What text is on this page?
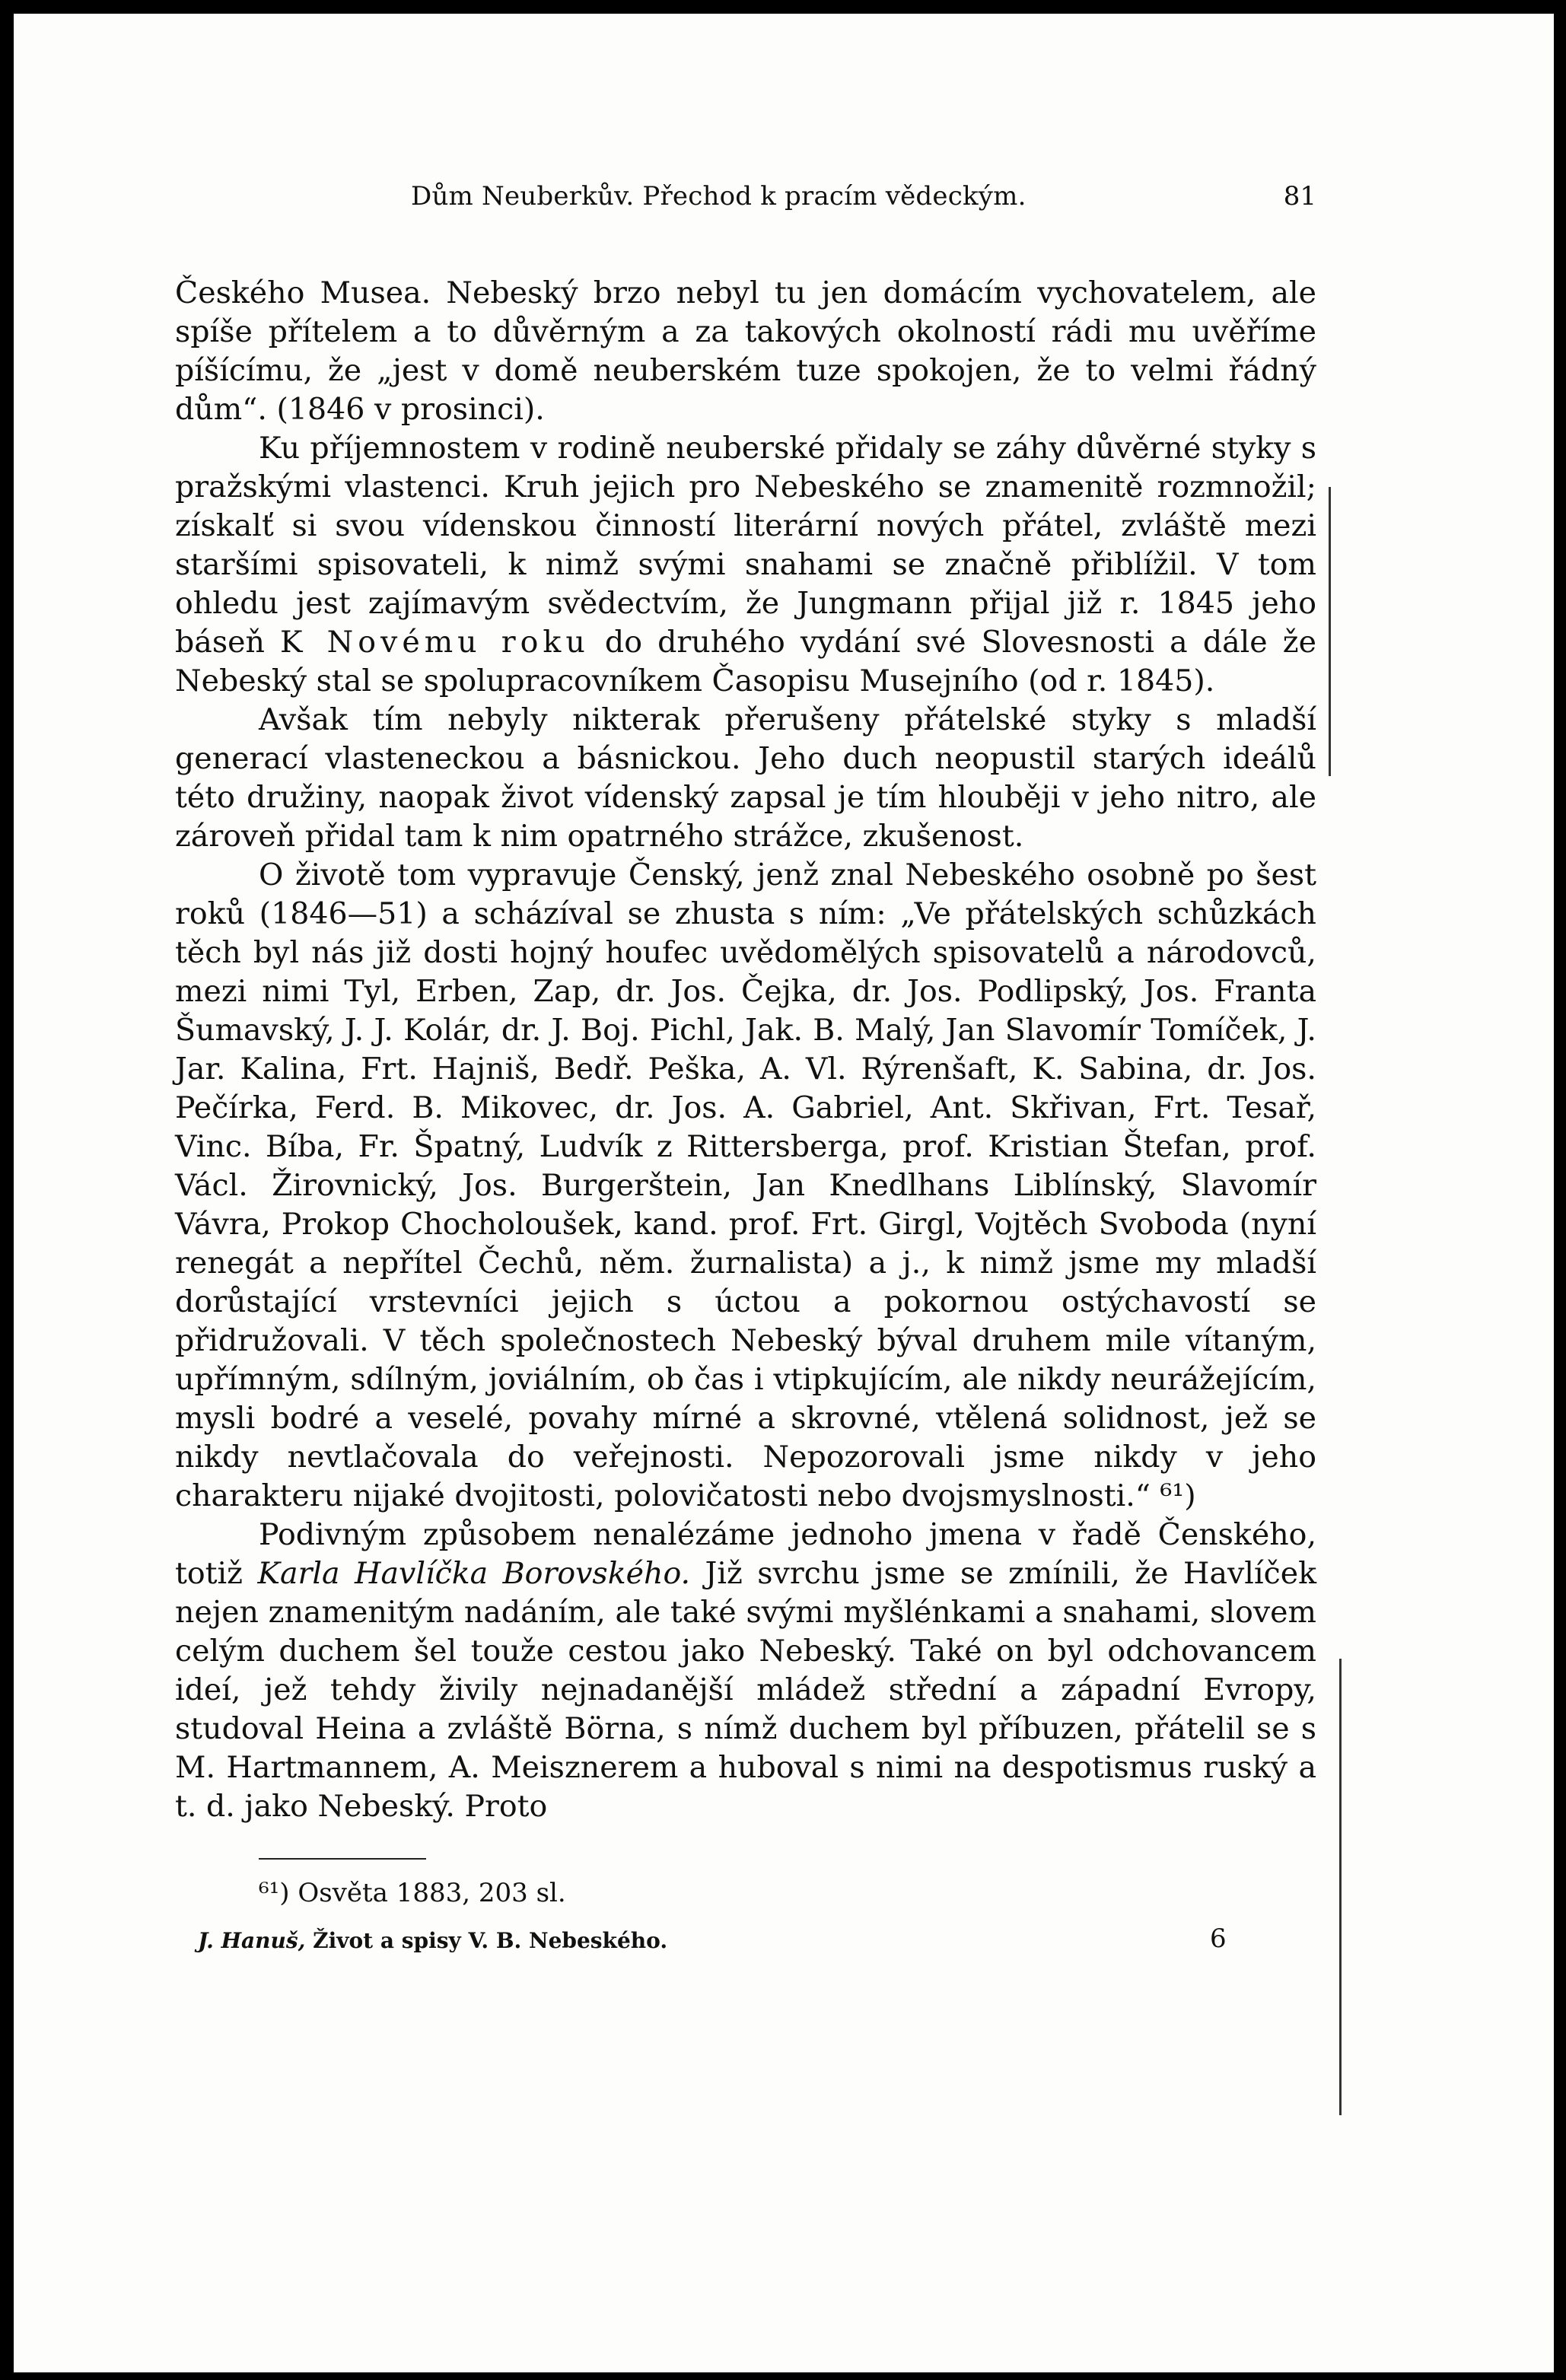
Dům Neuberkův. Přechod k pracím vědeckým.	81

Českého Musea. Nebeský brzo nebyl tu jen domácím vychovatelem, ale spíše přítelem a to důvěrným a za takových okolností rádi mu uvěříme píšícímu, že „jest v domě neuberském tuze spokojen, že to velmi řádný dům“. (1846 v prosinci).

Ku příjemnostem v rodině neuberské přidaly se záhy důvěrné styky s pražskými vlastenci. Kruh jejich pro Nebeského se znamenitě rozmnožil; získalť si svou vídenskou činností literární nových přátel, zvláště mezi staršími spisovateli, k nimž svými snahami se značně přiblížil. V tom ohledu jest zajímavým svědectvím, že Jungmann přijal již r. 1845 jeho báseň K Novému roku do druhého vydání své Slovesnosti a dále že Nebeský stal se spolupracovníkem Časopisu Musejního (od r. 1845).

Avšak tím nebyly nikterak přerušeny přátelské styky s mladší generací vlasteneckou a básnickou. Jeho duch neopustil starých ideálů této družiny, naopak život vídenský zapsal je tím hlouběji v jeho nitro, ale zároveň přidal tam k nim opatrného strážce, zkušenost.

O životě tom vypravuje Čenský, jenž znal Nebeského osobně po šest roků (1846—51) a scházíval se zhusta s ním: „Ve přátelských schůzkách těch byl nás již dosti hojný houfec uvědomělých spisovatelů a národovců, mezi nimi Tyl, Erben, Zap, dr. Jos. Čejka, dr. Jos. Podlipský, Jos. Franta Šumavský, J. J. Kolár, dr. J. Boj. Pichl, Jak. B. Malý, Jan Slavomír Tomíček, J. Jar. Kalina, Frt. Hajniš, Bedř. Peška, A. Vl. Rýrenšaft, K. Sabina, dr. Jos. Pečírka, Ferd. B. Mikovec, dr. Jos. A. Gabriel, Ant. Skřivan, Frt. Tesař, Vinc. Bíba, Fr. Špatný, Ludvík z Rittersberga, prof. Kristian Štefan, prof. Václ. Žirovnický, Jos. Burgerštein, Jan Knedlhans Liblínský, Slavomír Vávra, Prokop Chocholoušek, kand. prof. Frt. Girgl, Vojtěch Svoboda (nyní renegát a nepřítel Čechů, něm. žurnalista) a j., k nimž jsme my mladší dorůstající vrstevníci jejich s úctou a pokornou ostýchavostí se přidružovali. V těch společnostech Nebeský býval druhem mile vítaným, upřímným, sdílným, joviálním, ob čas i vtipkujícím, ale nikdy neurážejícím, mysli bodré a veselé, povahy mírné a skrovné, vtělená solidnost, jež se nikdy nevtlačovala do veřejnosti. Nepozorovali jsme nikdy v jeho charakteru nijaké dvojitosti, polovičatosti nebo dvojsmyslnosti.“ ⁶¹)

Podivným způsobem nenalézáme jednoho jmena v řadě Čenského, totiž Karla Havlíčka Borovského. Již svrchu jsme se zmínili, že Havlíček nejen znamenitým nadáním, ale také svými myšlénkami a snahami, slovem celým duchem šel touže cestou jako Nebeský. Také on byl odchovancem ideí, jež tehdy živily nejnadanější mládež střední a západní Evropy, studoval Heina a zvláště Börna, s nímž duchem byl příbuzen, přátelil se s M. Hartmannem, A. Meisznerem a huboval s nimi na despotismus ruský a t. d. jako Nebeský. Proto

⁶¹) Osvěta 1883, 203 sl.
J. Hanuš, Život a spisy V. B. Nebeského.	6
